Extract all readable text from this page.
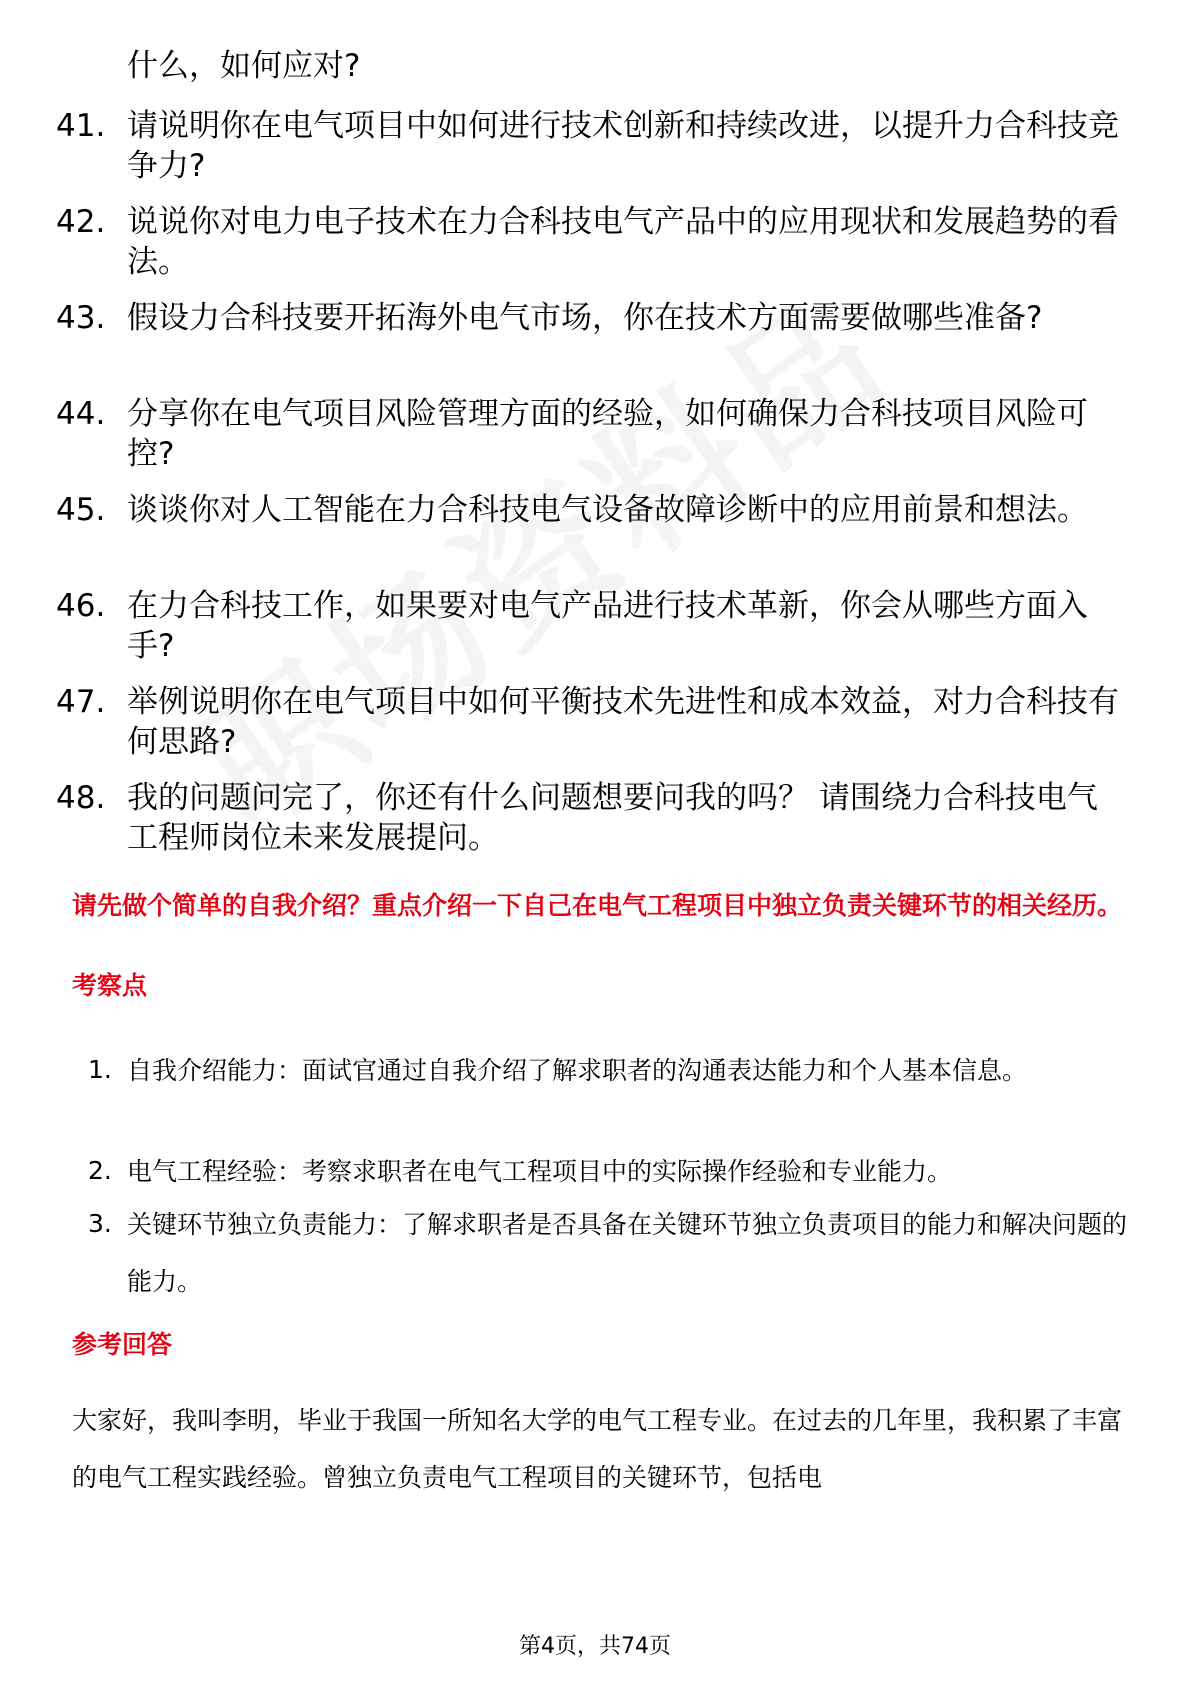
什么，如何应对?
41. 请说明你在电气项目中如何进行技术创新和持续改进，以提升力合科技竞争力?
42. 说说你对电力电子技术在力合科技电气产品中的应用现状和发展趋势的看法。
43. 假设力合科技要开拓海外电气市场，你在技术方面需要做哪些准备?
44. 分享你在电气项目风险管理方面的经验，如何确保力合科技项目风险可控?
45. 谈谈你对人工智能在力合科技电气设备故障诊断中的应用前景和想法。
46. 在力合科技工作，如果要对电气产品进行技术革新，你会从哪些方面入手?
47. 举例说明你在电气项目中如何平衡技术先进性和成本效益，对力合科技有何思路?
48. 我的问题问完了，你还有什么问题想要问我的吗？ 请围绕力合科技电气工程师岗位未来发展提问。
请先做个简单的自我介绍？重点介绍一下自己在电气工程项目中独立负责关键环节的相关经历。
考察点
1. 自我介绍能力：面试官通过自我介绍了解求职者的沟通表达能力和个人基本信息。
2. 电气工程经验：考察求职者在电气工程项目中的实际操作经验和专业能力。
3. 关键环节独立负责能力：了解求职者是否具备在关键环节独立负责项目的能力和解决问题的能力。
参考回答
大家好，我叫李明，毕业于我国一所知名大学的电气工程专业。在过去的几年里，我积累了丰富的电气工程实践经验。曾独立负责电气工程项目的关键环节，包括电
第4页，共74页
